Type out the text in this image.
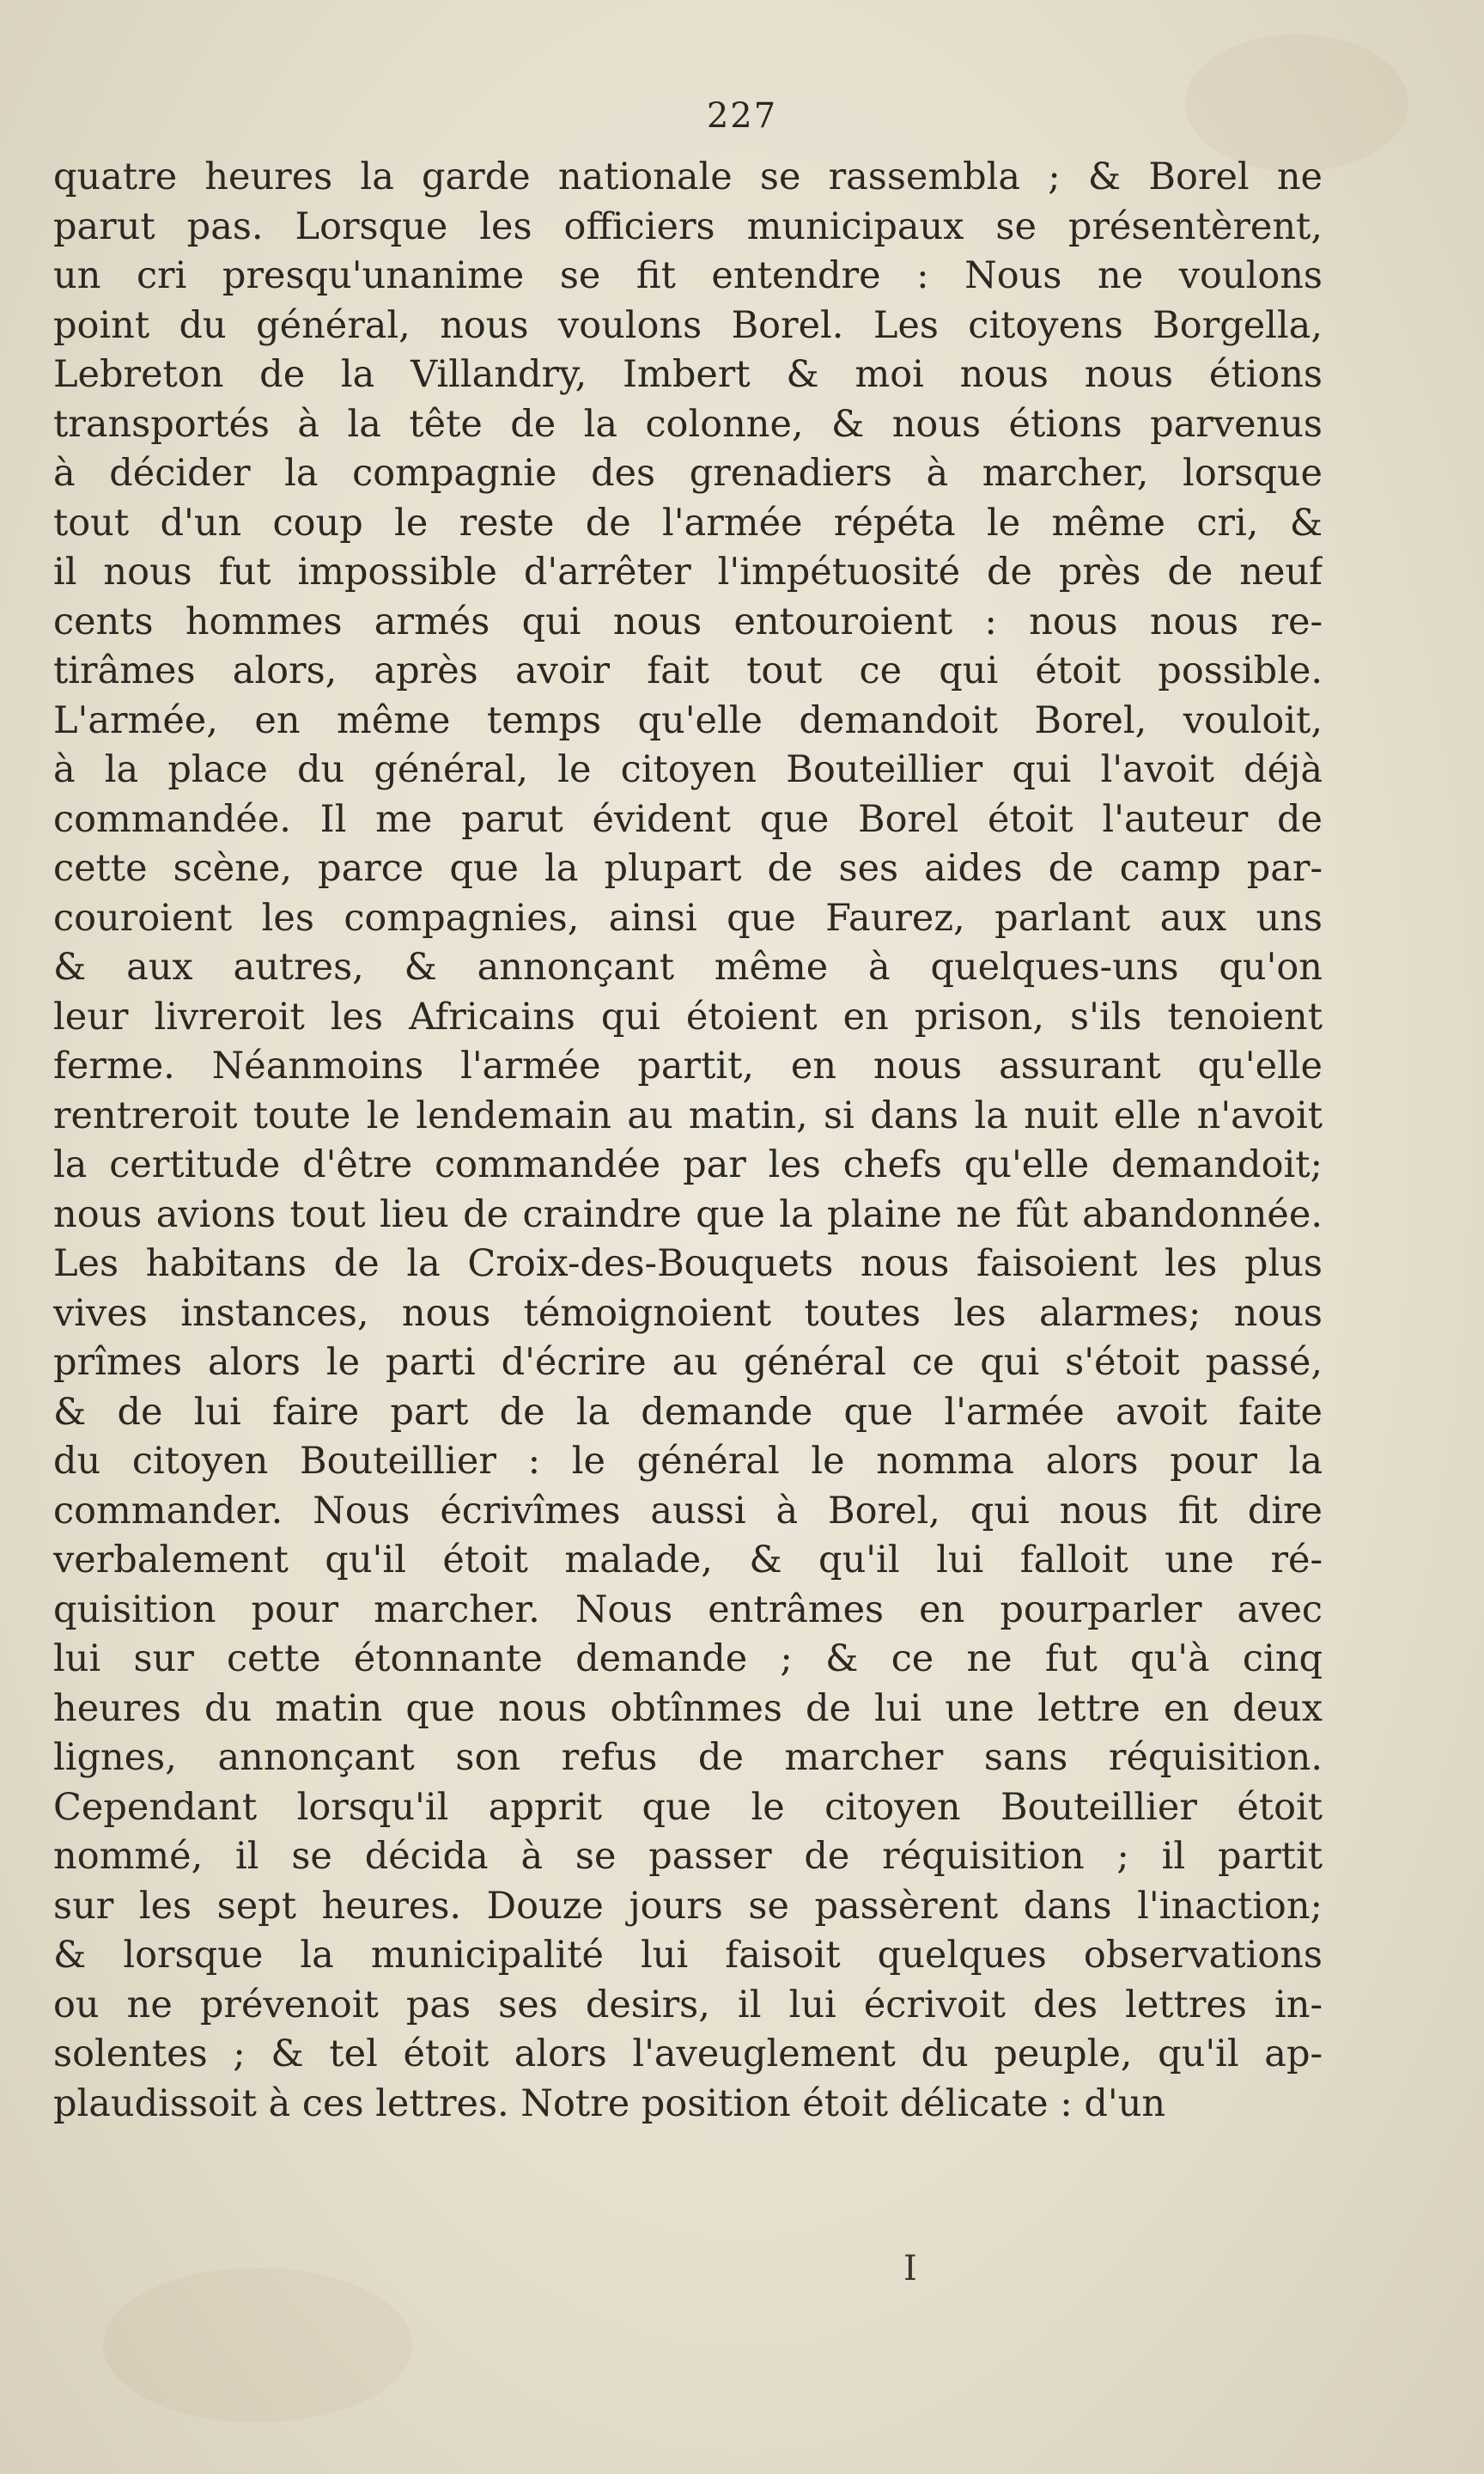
227
quatre heures la garde nationale se rassembla ; & Borel ne
parut pas. Lorsque les officiers municipaux se présentèrent,
un cri presqu'unanime se fit entendre : Nous ne voulons
point du général, nous voulons Borel. Les citoyens Borgella,
Lebreton de la Villandry, Imbert & moi nous nous étions
transportés à la tête de la colonne, & nous étions parvenus
à décider la compagnie des grenadiers à marcher, lorsque
tout d'un coup le reste de l'armée répéta le même cri, &
il nous fut impossible d'arrêter l'impétuosité de près de neuf
cents hommes armés qui nous entouroient : nous nous re-
tirâmes alors, après avoir fait tout ce qui étoit possible.
L'armée, en même temps qu'elle demandoit Borel, vouloit,
à la place du général, le citoyen Bouteillier qui l'avoit déjà
commandée. Il me parut évident que Borel étoit l'auteur de
cette scène, parce que la plupart de ses aides de camp par-
couroient les compagnies, ainsi que Faurez, parlant aux uns
& aux autres, & annonçant même à quelques-uns qu'on
leur livreroit les Africains qui étoient en prison, s'ils tenoient
ferme. Néanmoins l'armée partit, en nous assurant qu'elle
rentreroit toute le lendemain au matin, si dans la nuit elle n'avoit
la certitude d'être commandée par les chefs qu'elle demandoit;
nous avions tout lieu de craindre que la plaine ne fût abandonnée.
Les habitans de la Croix-des-Bouquets nous faisoient les plus
vives instances, nous témoignoient toutes les alarmes; nous
prîmes alors le parti d'écrire au général ce qui s'étoit passé,
& de lui faire part de la demande que l'armée avoit faite
du citoyen Bouteillier : le général le nomma alors pour la
commander. Nous écrivîmes aussi à Borel, qui nous fit dire
verbalement qu'il étoit malade, & qu'il lui falloit une ré-
quisition pour marcher. Nous entrâmes en pourparler avec
lui sur cette étonnante demande ; & ce ne fut qu'à cinq
heures du matin que nous obtînmes de lui une lettre en deux
lignes, annonçant son refus de marcher sans réquisition.
Cependant lorsqu'il apprit que le citoyen Bouteillier étoit
nommé, il se décida à se passer de réquisition ; il partit
sur les sept heures. Douze jours se passèrent dans l'inaction;
& lorsque la municipalité lui faisoit quelques observations
ou ne prévenoit pas ses desirs, il lui écrivoit des lettres in-
solentes ; & tel étoit alors l'aveuglement du peuple, qu'il ap-
plaudissoit à ces lettres. Notre position étoit délicate : d'un
I
